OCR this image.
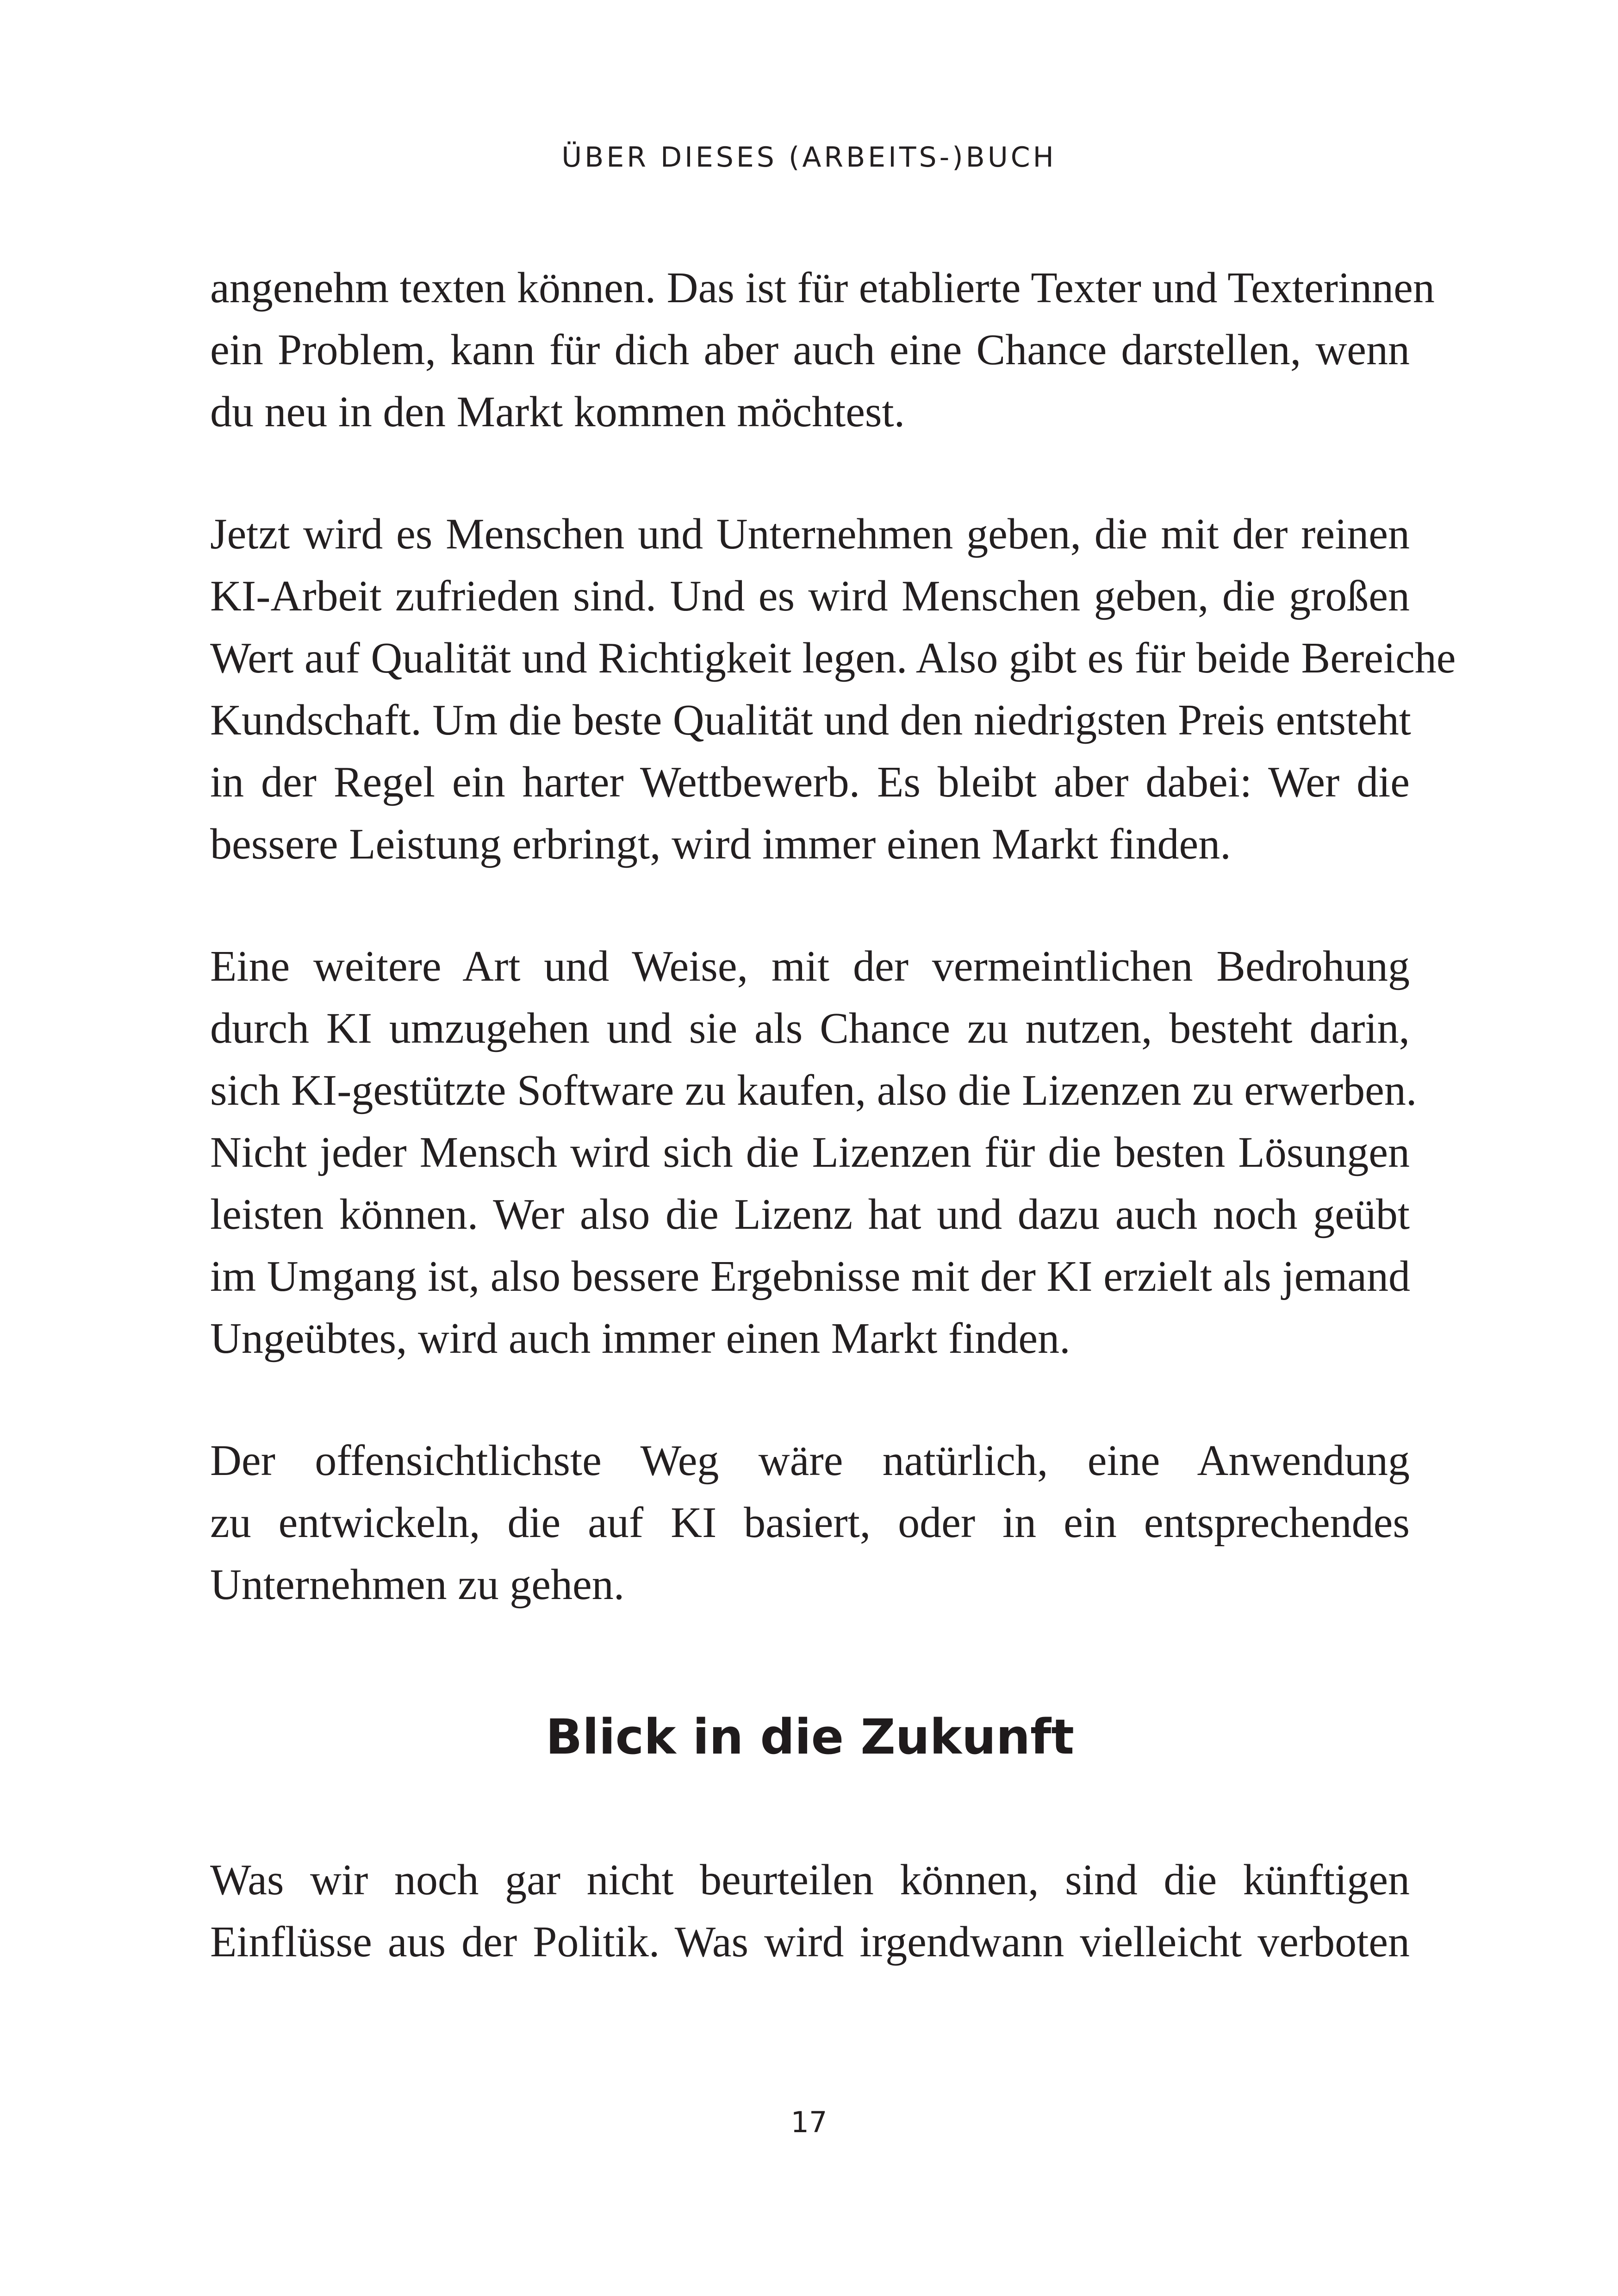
ÜBER DIESES (ARBEITS-)BUCH

angenehm texten können. Das ist für etablierte Texter und Texterinnen
ein Problem, kann für dich aber auch eine Chance darstellen, wenn
du neu in den Markt kommen möchtest.

Jetzt wird es Menschen und Unternehmen geben, die mit der reinen
KI-Arbeit zufrieden sind. Und es wird Menschen geben, die großen
Wert auf Qualität und Richtigkeit legen. Also gibt es für beide Bereiche
Kundschaft. Um die beste Qualität und den niedrigsten Preis entsteht
in der Regel ein harter Wettbewerb. Es bleibt aber dabei: Wer die
bessere Leistung erbringt, wird immer einen Markt finden.

Eine weitere Art und Weise, mit der vermeintlichen Bedrohung
durch KI umzugehen und sie als Chance zu nutzen, besteht darin,
sich KI-gestützte Software zu kaufen, also die Lizenzen zu erwerben.
Nicht jeder Mensch wird sich die Lizenzen für die besten Lösungen
leisten können. Wer also die Lizenz hat und dazu auch noch geübt
im Umgang ist, also bessere Ergebnisse mit der KI erzielt als jemand
Ungeübtes, wird auch immer einen Markt finden.

Der offensichtlichste Weg wäre natürlich, eine Anwendung
zu entwickeln, die auf KI basiert, oder in ein entsprechendes
Unternehmen zu gehen.

Blick in die Zukunft

Was wir noch gar nicht beurteilen können, sind die künftigen
Einflüsse aus der Politik. Was wird irgendwann vielleicht verboten

17
